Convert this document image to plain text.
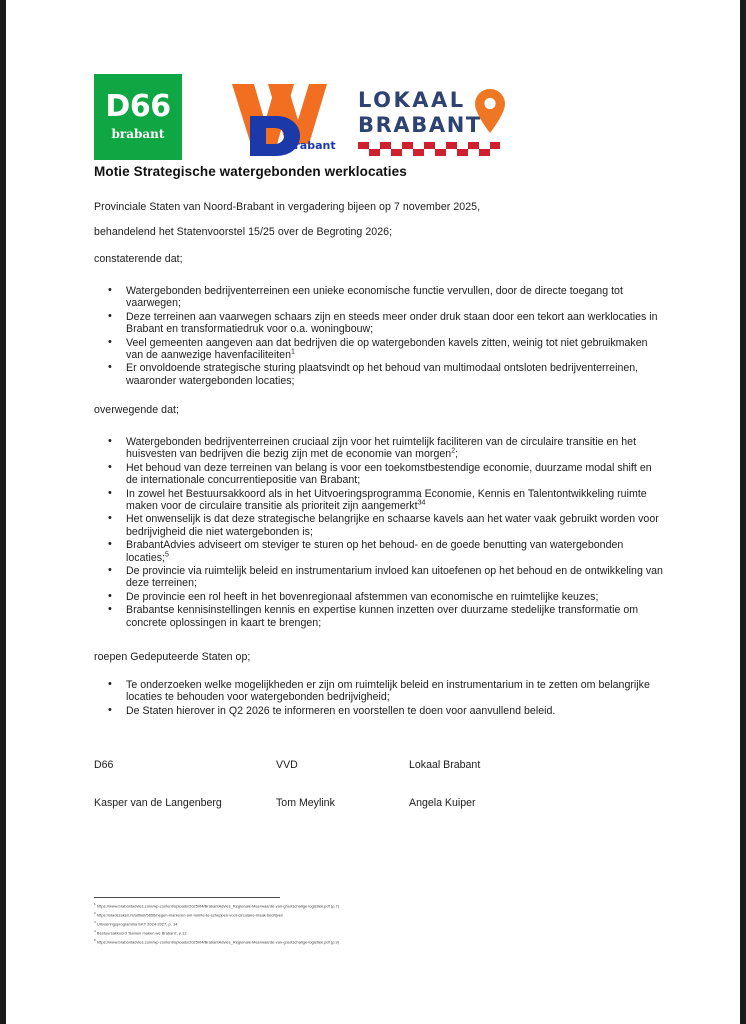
D66
brabant
Brabant
LOKAAL
BRABANT
Motie Strategische watergebonden werklocaties
Provinciale Staten van Noord-Brabant in vergadering bijeen op 7 november 2025,
behandelend het Statenvoorstel 15/25 over de Begroting 2026;
constaterende dat;
• Watergebonden bedrijventerreinen een unieke economische functie vervullen, door de directe toegang tot vaarwegen;
• Deze terreinen aan vaarwegen schaars zijn en steeds meer onder druk staan door een tekort aan werklocaties in Brabant en transformatiedruk voor o.a. woningbouw;
• Veel gemeenten aangeven aan dat bedrijven die op watergebonden kavels zitten, weinig tot niet gebruikmaken van de aanwezige havenfaciliteiten$^1$
• Er onvoldoende strategische sturing plaatsvindt op het behoud van multimodaal ontsloten bedrijventerreinen, waaronder watergebonden locaties;
overwegende dat;
• Watergebonden bedrijventerreinen cruciaal zijn voor het ruimtelijk faciliteren van de circulaire transitie en het huisvesten van bedrijven die bezig zijn met de economie van morgen$^2$;
• Het behoud van deze terreinen van belang is voor een toekomstbestendige economie, duurzame modal shift en de internationale concurrentiepositie van Brabant;
• In zowel het Bestuursakkoord als in het Uitvoeringsprogramma Economie, Kennis en Talentontwikkeling ruimte maken voor de circulaire transitie als prioriteit zijn aangemerkt$^{34}$
• Het onwenselijk is dat deze strategische belangrijke en schaarse kavels aan het water vaak gebruikt worden voor bedrijvigheid die niet watergebonden is;
• BrabantAdvies adviseert om steviger te sturen op het behoud- en de goede benutting van watergebonden locaties;$^5$
• De provincie via ruimtelijk beleid en instrumentarium invloed kan uitoefenen op het behoud en de ontwikkeling van deze terreinen;
• De provincie een rol heeft in het bovenregionaal afstemmen van economische en ruimtelijke keuzes;
• Brabantse kennisinstellingen kennis en expertise kunnen inzetten over duurzame stedelijke transformatie om concrete oplossingen in kaart te brengen;
roepen Gedeputeerde Staten op;
• Te onderzoeken welke mogelijkheden er zijn om ruimtelijk beleid en instrumentarium in te zetten om belangrijke locaties te behouden voor watergebonden bedrijvigheid;
• De Staten hierover in Q2 2026 te informeren en voorstellen te doen voor aanvullend beleid.
D66	VVD	Lokaal Brabant
Kasper van de Langenberg	Tom Meylink	Angela Kuiper
$^1$ https://www.brabantadvies.com/wp-content/uploads/2025/04/BrabantAdvies_Regionale-Meerwaarde-van-grootschalige-logistiek.pdf (p.7)
$^2$ https://stadszaken.nl/artikel/5856/negen-manieren-om-ruimte-te-scheppen-voor-circulaire-maak-bedrijven
$^3$ Uitvoeringsprogramma EKT 2024-2027, p. 14
$^4$ Bestuursakkoord 'Samen maken we Brabant', p.12
$^5$ https://www.brabantadvies.com/wp-content/uploads/2025/04/BrabantAdvies_Regionale-Meerwaarde-van-grootschalige-logistiek.pdf (p.9)
